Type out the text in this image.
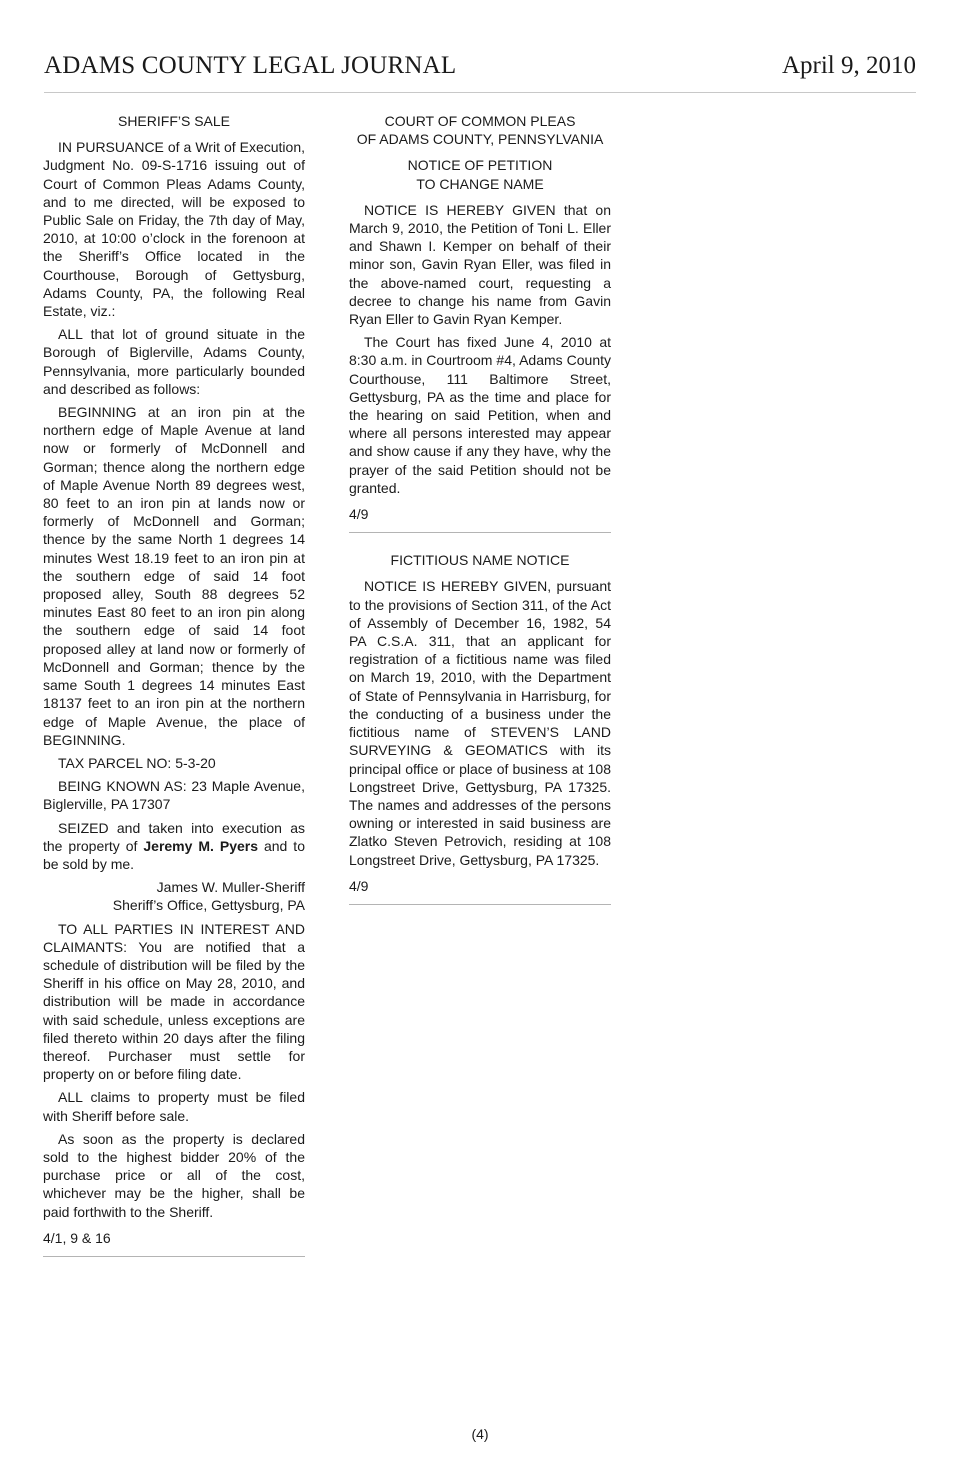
ADAMS COUNTY LEGAL JOURNAL	April 9, 2010
SHERIFF’S SALE

IN PURSUANCE of a Writ of Execution, Judgment No. 09-S-1716 issuing out of Court of Common Pleas Adams County, and to me directed, will be exposed to Public Sale on Friday, the 7th day of May, 2010, at 10:00 o’clock in the forenoon at the Sheriff’s Office located in the Courthouse, Borough of Gettysburg, Adams County, PA, the following Real Estate, viz.:

ALL that lot of ground situate in the Borough of Biglerville, Adams County, Pennsylvania, more particularly bounded and described as follows:

BEGINNING at an iron pin at the northern edge of Maple Avenue at land now or formerly of McDonnell and Gorman; thence along the northern edge of Maple Avenue North 89 degrees west, 80 feet to an iron pin at lands now or formerly of McDonnell and Gorman; thence by the same North 1 degrees 14 minutes West 18.19 feet to an iron pin at the southern edge of said 14 foot proposed alley, South 88 degrees 52 minutes East 80 feet to an iron pin along the southern edge of said 14 foot proposed alley at land now or formerly of McDonnell and Gorman; thence by the same South 1 degrees 14 minutes East 18137 feet to an iron pin at the northern edge of Maple Avenue, the place of BEGINNING.

TAX PARCEL NO: 5-3-20

BEING KNOWN AS: 23 Maple Avenue, Biglerville, PA 17307

SEIZED and taken into execution as the property of Jeremy M. Pyers and to be sold by me.

James W. Muller-Sheriff
Sheriff’s Office, Gettysburg, PA

TO ALL PARTIES IN INTEREST AND CLAIMANTS: You are notified that a schedule of distribution will be filed by the Sheriff in his office on May 28, 2010, and distribution will be made in accordance with said schedule, unless exceptions are filed thereto within 20 days after the filing thereof. Purchaser must settle for property on or before filing date.

ALL claims to property must be filed with Sheriff before sale.

As soon as the property is declared sold to the highest bidder 20% of the purchase price or all of the cost, whichever may be the higher, shall be paid forthwith to the Sheriff.

4/1, 9 & 16
COURT OF COMMON PLEAS
OF ADAMS COUNTY, PENNSYLVANIA
NOTICE OF PETITION
TO CHANGE NAME

NOTICE IS HEREBY GIVEN that on March 9, 2010, the Petition of Toni L. Eller and Shawn I. Kemper on behalf of their minor son, Gavin Ryan Eller, was filed in the above-named court, requesting a decree to change his name from Gavin Ryan Eller to Gavin Ryan Kemper.

The Court has fixed June 4, 2010 at 8:30 a.m. in Courtroom #4, Adams County Courthouse, 111 Baltimore Street, Gettysburg, PA as the time and place for the hearing on said Petition, when and where all persons interested may appear and show cause if any they have, why the prayer of the said Petition should not be granted.

4/9
FICTITIOUS NAME NOTICE

NOTICE IS HEREBY GIVEN, pursuant to the provisions of Section 311, of the Act of Assembly of December 16, 1982, 54 PA C.S.A. 311, that an applicant for registration of a fictitious name was filed on March 19, 2010, with the Department of State of Pennsylvania in Harrisburg, for the conducting of a business under the fictitious name of STEVEN’S LAND SURVEYING & GEOMATICS with its principal office or place of business at 108 Longstreet Drive, Gettysburg, PA 17325. The names and addresses of the persons owning or interested in said business are Zlatko Steven Petrovich, residing at 108 Longstreet Drive, Gettysburg, PA 17325.

4/9
(4)
